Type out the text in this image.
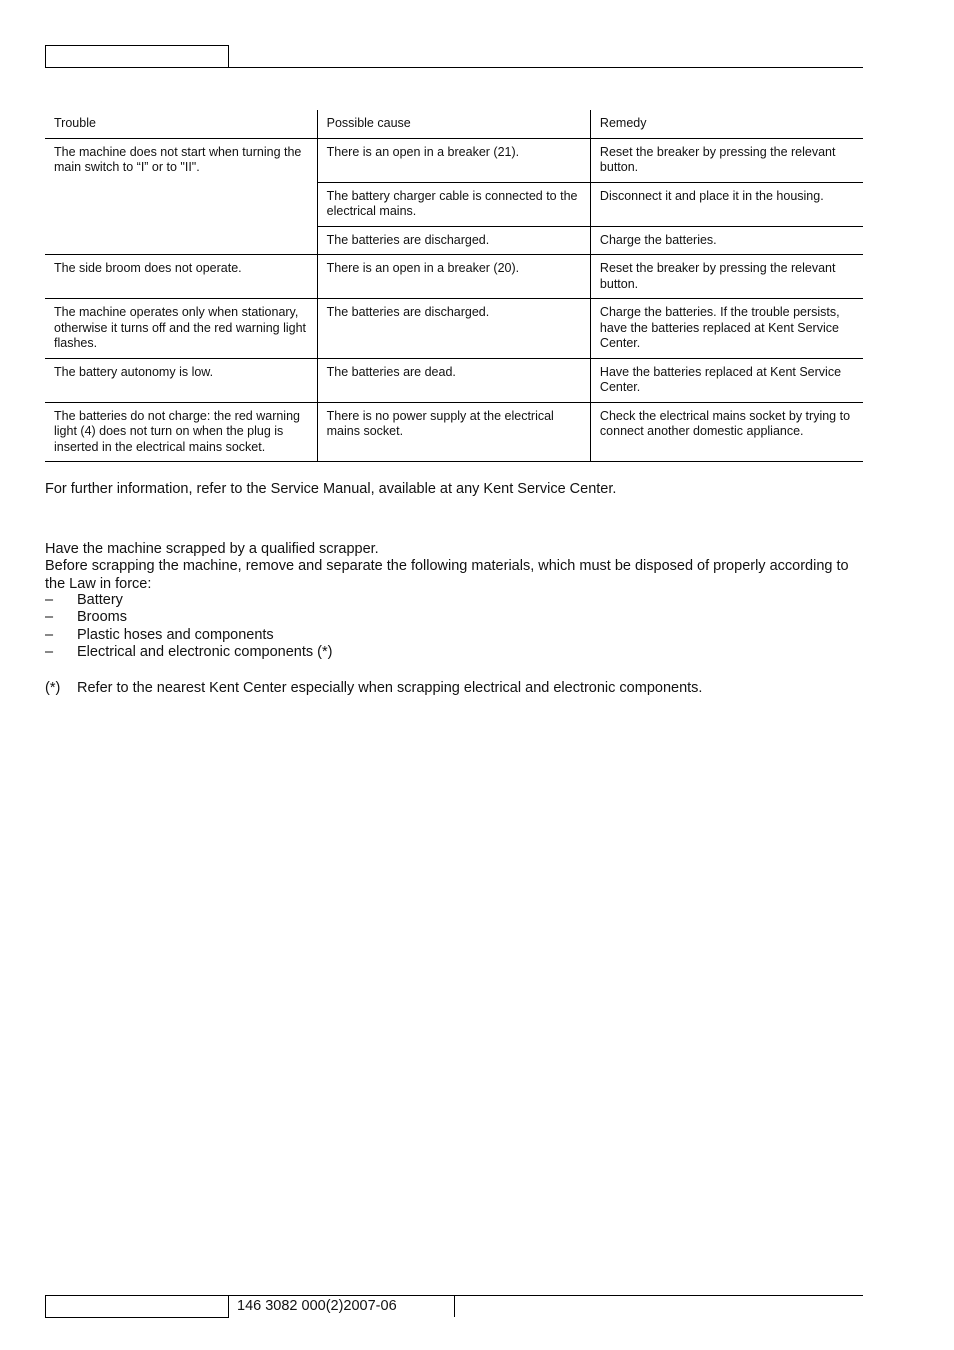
Trouble	Possible cause	Remedy
The machine does not start when turning the main switch to “I” or to "II".	There is an open in a breaker (21).	Reset the breaker by pressing the relevant button.
	The battery charger cable is connected to the electrical mains.	Disconnect it and place it in the housing.
	The batteries are discharged.	Charge the batteries.
The side broom does not operate.	There is an open in a breaker (20).	Reset the breaker by pressing the relevant button.
The machine operates only when stationary, otherwise it turns off and the red warning light flashes.	The batteries are discharged.	Charge the batteries. If the trouble persists, have the batteries replaced at Kent Service Center.
The battery autonomy is low.	The batteries are dead.	Have the batteries replaced at Kent Service Center.
The batteries do not charge: the red warning light (4) does not turn on when the plug is inserted in the electrical mains socket.	There is no power supply at the electrical mains socket.	Check the electrical mains socket by trying to connect another domestic appliance.
For further information, refer to the Service Manual, available at any Kent Service Center.
Have the machine scrapped by a qualified scrapper.
Before scrapping the machine, remove and separate the following materials, which must be disposed of properly according to the Law in force:
– Battery
– Brooms
– Plastic hoses and components
– Electrical and electronic components (*)
(*) Refer to the nearest Kent Center especially when scrapping electrical and electronic components.
146 3082 000(2)2007-06
